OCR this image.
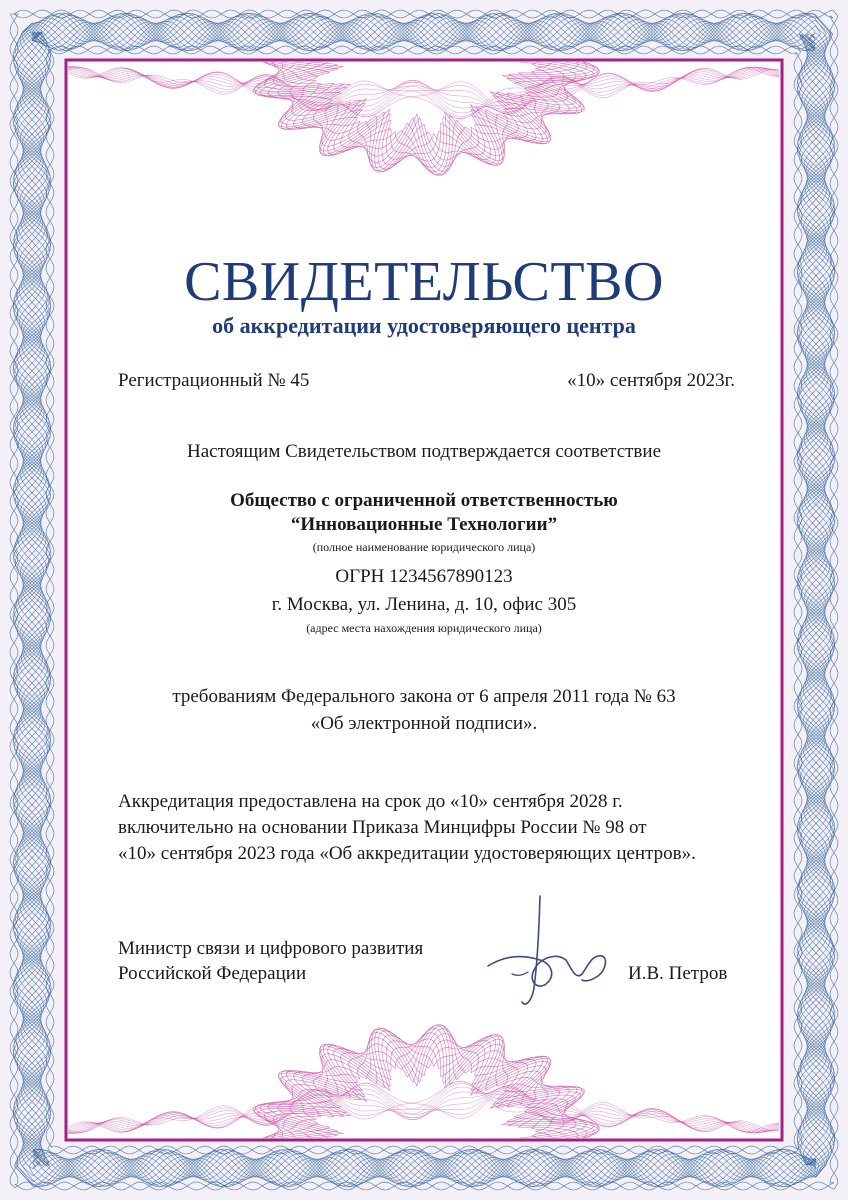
СВИДЕТЕЛЬСТВО
об аккредитации удостоверяющего центра
Регистрационный № 45	«10» сентября 2023г.
Настоящим Свидетельством подтверждается соответствие
Общество с ограниченной ответственностью
“Инновационные Технологии”
(полное наименование юридического лица)
ОГРН 1234567890123
г. Москва, ул. Ленина, д. 10, офис 305
(адрес места нахождения юридического лица)
требованиям Федерального закона от 6 апреля 2011 года № 63
«Об электронной подписи».
Аккредитация предоставлена на срок до «10» сентября 2028 г.
включительно на основании Приказа Минцифры России № 98 от
«10» сентября 2023 года «Об аккредитации удостоверяющих центров».
Министр связи и цифрового развития
Российской Федерации	И.В. Петров
